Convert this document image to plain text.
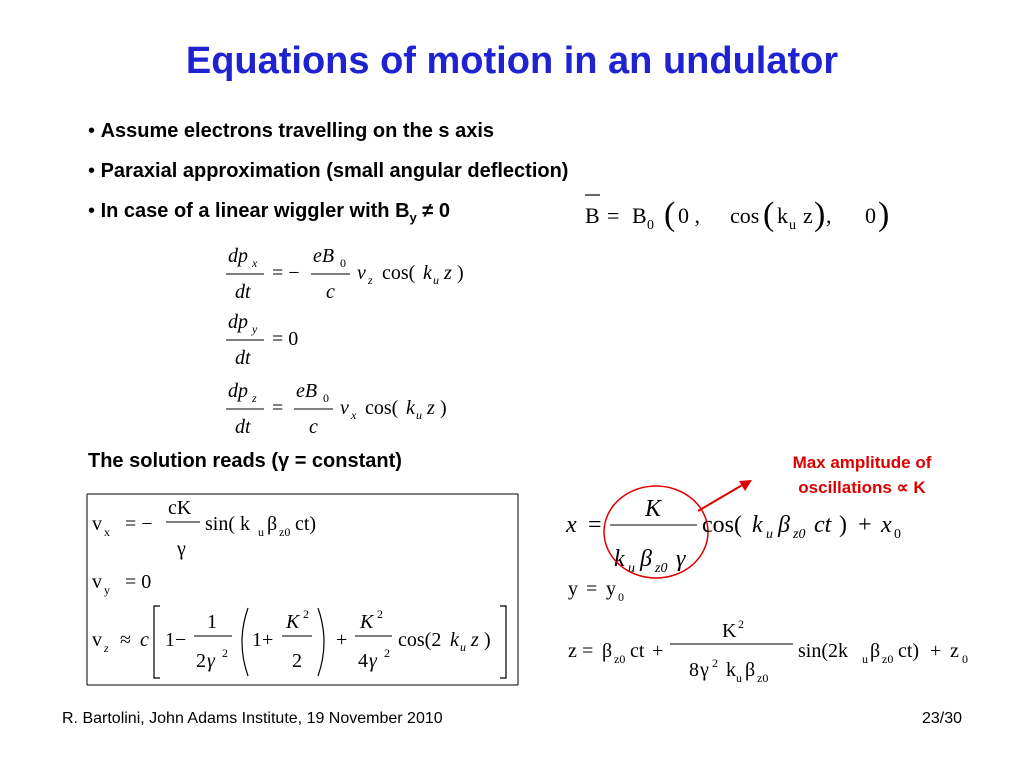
Equations of motion in an undulator
• Assume electrons travelling on the s axis
• Paraxial approximation (small angular deflection)
• In case of a linear wiggler with $B_y \ne 0$
The solution reads (γ = constant)	Max amplitude of
oscillations ∝ K
B = B 0 ( 0 , cos ( k u z ) , 0 )
dp x
dt
= −
eB 0
c
v z cos( k u z )
dp y
dt
= 0
dp z
dt
=
eB 0
c
v x cos( k u z )
v x = −
cK
γ
sin( k u β z0 ct)
v y = 0
v z ≈ c 1−
1
2 γ 2
1+
K 2
2
+
K 2
4 γ 2
cos(2 k u z )
x =
K
k u β z0 γ
cos( k u β z0 ct ) + x 0
y = y 0
z = β z0 ct +
K 2
8 γ 2 k u β z0
sin(2k u β z0 ct) + z 0
R. Bartolini, John Adams Institute, 19 November 2010	23/30
